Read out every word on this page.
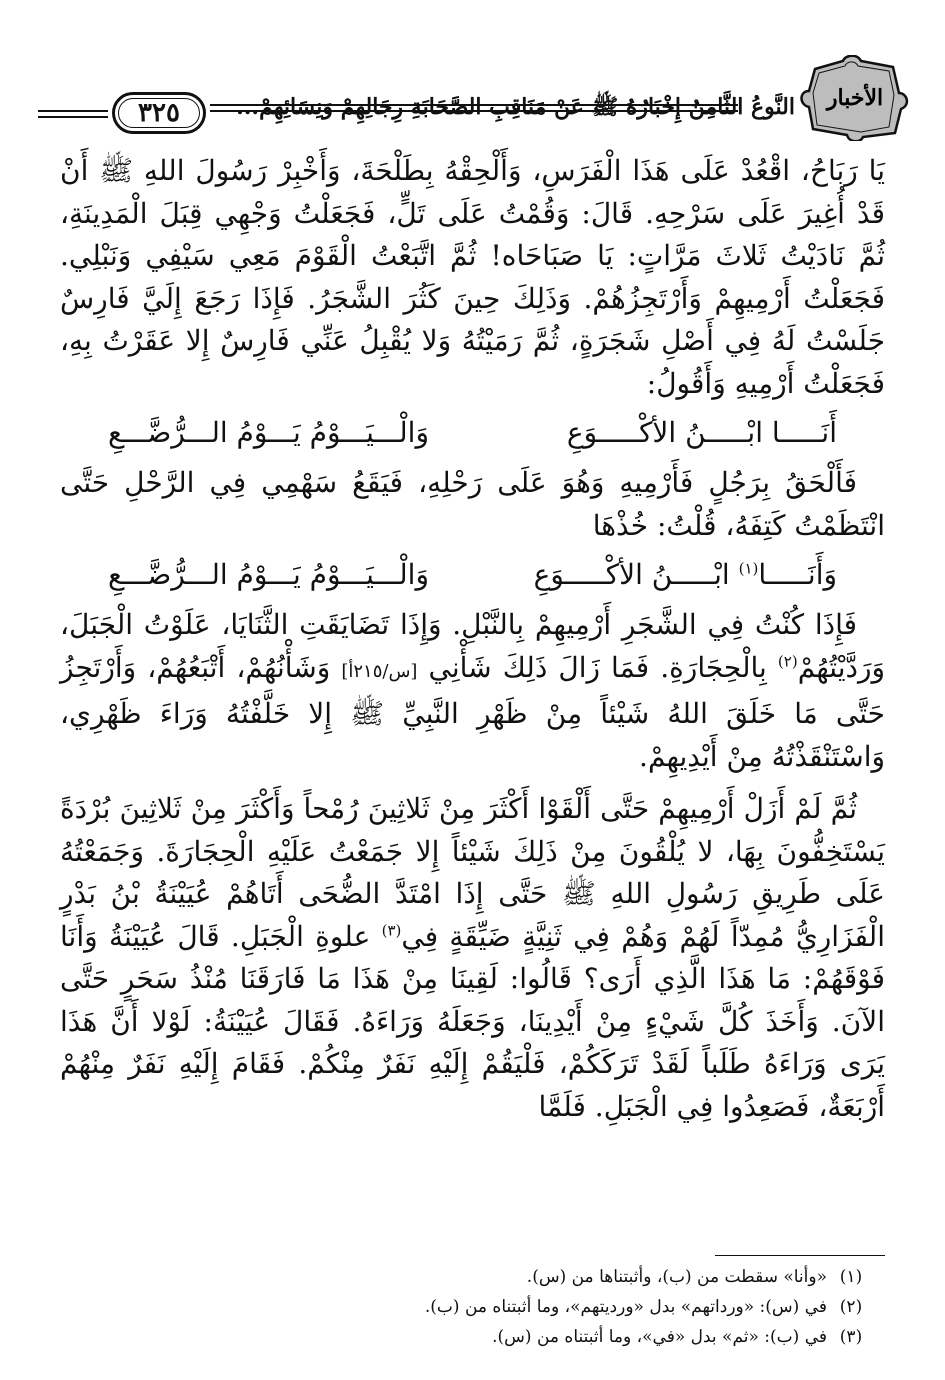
الأخبار
النَّوعُ الثَّامِنُ إِخْبَارُهُ ﷺ عَنْ مَنَاقِبِ الصَّحَابَةِ رِجَالِهِمْ وَنِسَائِهِمْ...
٣٢٥

يَا رَبَاحُ، اقْعُدْ عَلَى هَذَا الْفَرَسِ، وَأَلْحِقْهُ بِطَلْحَةَ، وَأَخْبِرْ رَسُولَ اللهِ ﷺ أَنْ قَدْ أُغِيرَ عَلَى سَرْحِهِ. قَالَ: وَقُمْتُ عَلَى تَلٍّ، فَجَعَلْتُ وَجْهِي قِبَلَ الْمَدِينَةِ، ثُمَّ نَادَيْتُ ثَلاثَ مَرَّاتٍ: يَا صَبَاحَاه! ثُمَّ اتَّبَعْتُ الْقَوْمَ مَعِي سَيْفِي وَنَبْلِي. فَجَعَلْتُ أَرْمِيهِمْ وَأَرْتَجِزُهُمْ. وَذَلِكَ حِينَ كَثُرَ الشَّجَرُ. فَإِذَا رَجَعَ إِلَيَّ فَارِسٌ جَلَسْتُ لَهُ فِي أَصْلِ شَجَرَةٍ، ثُمَّ رَمَيْتُهُ وَلا يُقْبِلُ عَنِّي فَارِسٌ إِلا عَقَرْتُ بِهِ، فَجَعَلْتُ أَرْمِيهِ وَأَقُولُ:

أَنَـــــا ابْـــــنُ الأكْـــــوَعِ
وَالْـــيَـــوْمُ يَـــوْمُ الـــرُّضَّـــعِ

فَأَلْحَقُ بِرَجُلٍ فَأَرْمِيهِ وَهُوَ عَلَى رَحْلِهِ، فَيَقَعُ سَهْمِي فِي الرَّحْلِ حَتَّى انْتَظَمْتُ كَتِفَهُ، قُلْتُ: خُذْهَا

وَأَنَـــــا$^{(١)}$ ابْـــــنُ الأكْـــــوَعِ
وَالْـــيَـــوْمُ يَـــوْمُ الـــرُّضَّـــعِ

فَإِذَا كُنْتُ فِي الشَّجَرِ أَرْمِيهِمْ بِالنَّبْلِ. وَإِذَا تَضَايَقَتِ الثَّنَايَا، عَلَوْتُ الْجَبَلَ، وَرَدَّيْتُهُمْ$^{(٢)}$ بِالْحِجَارَةِ. فَمَا زَالَ ذَلِكَ شَأْنِي [س/٢١٥أ] وَشَأْنُهُمْ، أَتْبَعُهُمْ، وَأَرْتَجِزُ حَتَّى مَا خَلَقَ اللهُ شَيْئاً مِنْ ظَهْرِ النَّبِيِّ ﷺ إِلا خَلَّفْتُهُ وَرَاءَ ظَهْرِي، وَاسْتَنْقَذْتُهُ مِنْ أَيْدِيهِمْ.

ثُمَّ لَمْ أَزَلْ أَرْمِيهِمْ حَتَّى أَلْقَوْا أَكْثَرَ مِنْ ثَلاثِينَ رُمْحاً وَأَكْثَرَ مِنْ ثَلاثِينَ بُرْدَةً يَسْتَخِفُّونَ بِهَا، لا يُلْقُونَ مِنْ ذَلِكَ شَيْئاً إِلا جَمَعْتُ عَلَيْهِ الْحِجَارَةَ. وَجَمَعْتُهُ عَلَى طَرِيقِ رَسُولِ اللهِ ﷺ حَتَّى إِذَا امْتَدَّ الضُّحَى أَتَاهُمْ عُيَيْنَةُ بْنُ بَدْرٍ الْفَزَارِيُّ مُمِدّاً لَهُمْ وَهُمْ فِي ثَنِيَّةٍ ضَيِّقَةٍ فِي$^{(٣)}$ علوةِ الْجَبَلِ. قَالَ عُيَيْنَةُ وَأَنَا فَوْقَهُمْ: مَا هَذَا الَّذِي أَرَى؟ قَالُوا: لَقِينَا مِنْ هَذَا مَا فَارَقَنَا مُنْذُ سَحَرٍ حَتَّى الآنَ. وَأَخَذَ كُلَّ شَيْءٍ مِنْ أَيْدِينَا، وَجَعَلَهُ وَرَاءَهُ. فَقَالَ عُيَيْنَةُ: لَوْلا أَنَّ هَذَا يَرَى وَرَاءَهُ طَلَباً لَقَدْ تَرَكَكُمْ، فَلْيَقُمْ إِلَيْهِ نَفَرٌ مِنْكُمْ. فَقَامَ إِلَيْهِ نَفَرٌ مِنْهُمْ أَرْبَعَةٌ، فَصَعِدُوا فِي الْجَبَلِ. فَلَمَّا

(١)
«وأنا» سقطت من (ب)، وأثبتناها من (س).
(٢)
في (س): «ورداتهم» بدل «ورديتهم»، وما أثبتناه من (ب).
(٣)
في (ب): «ثم» بدل «في»، وما أثبتناه من (س).
